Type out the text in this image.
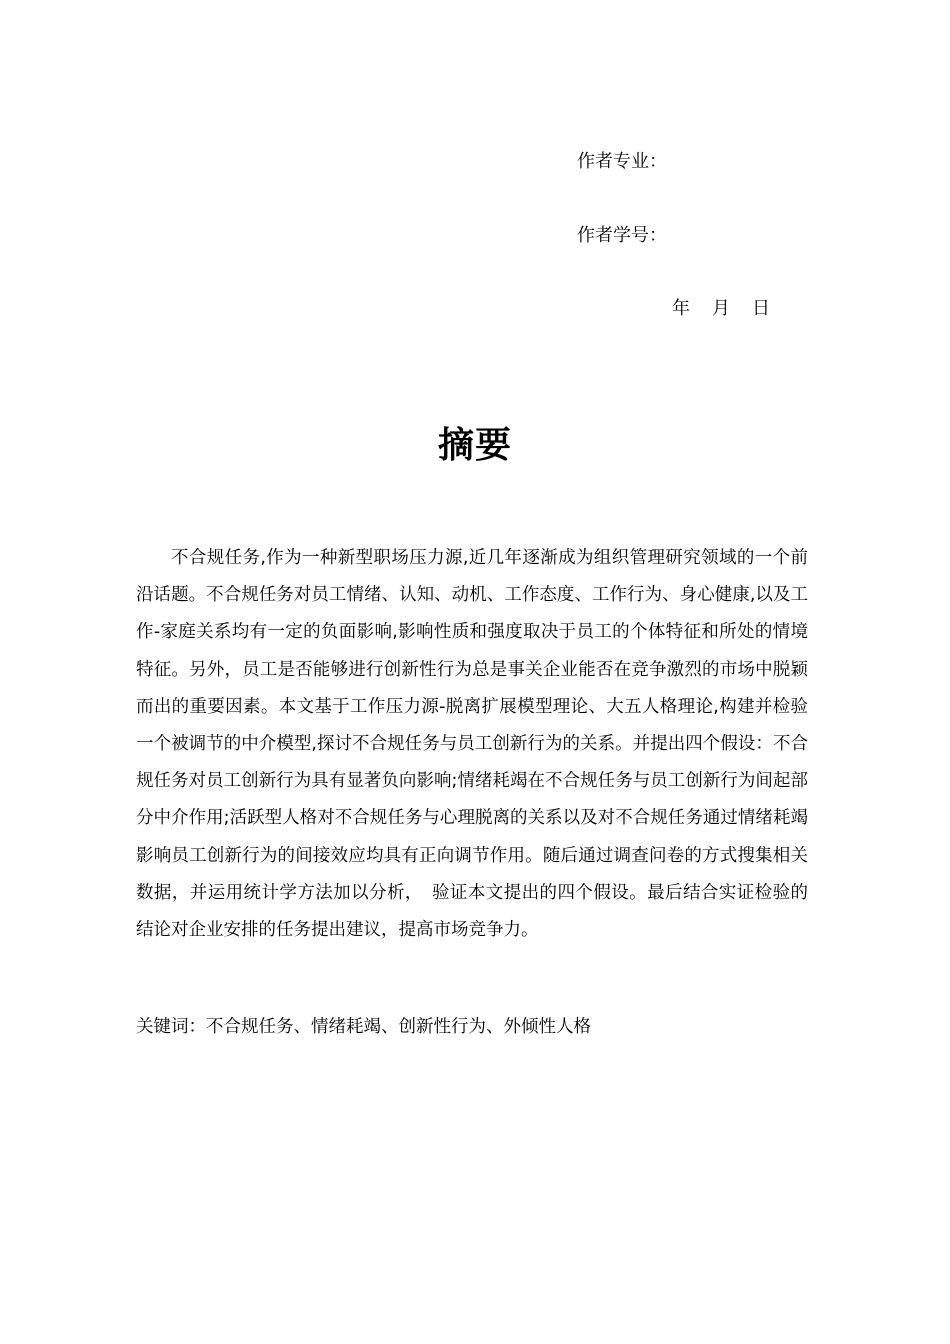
作者专业：
作者学号：
年 月 日
摘要

不合规任务,作为一种新型职场压力源,近几年逐渐成为组织管理研究领域的一个前沿话题。不合规任务对员工情绪、认知、动机、工作态度、工作行为、身心健康,以及工作-家庭关系均有一定的负面影响,影响性质和强度取决于员工的个体特征和所处的情境特征。另外，员工是否能够进行创新性行为总是事关企业能否在竞争激烈的市场中脱颖而出的重要因素。本文基于工作压力源-脱离扩展模型理论、大五人格理论,构建并检验一个被调节的中介模型,探讨不合规任务与员工创新行为的关系。并提出四个假设：不合规任务对员工创新行为具有显著负向影响;情绪耗竭在不合规任务与员工创新行为间起部分中介作用;活跃型人格对不合规任务与心理脱离的关系以及对不合规任务通过情绪耗竭影响员工创新行为的间接效应均具有正向调节作用。随后通过调查问卷的方式搜集相关数据，并运用统计学方法加以分析，　验证本文提出的四个假设。最后结合实证检验的结论对企业安排的任务提出建议，提高市场竞争力。

关键词：不合规任务、情绪耗竭、创新性行为、外倾性人格
